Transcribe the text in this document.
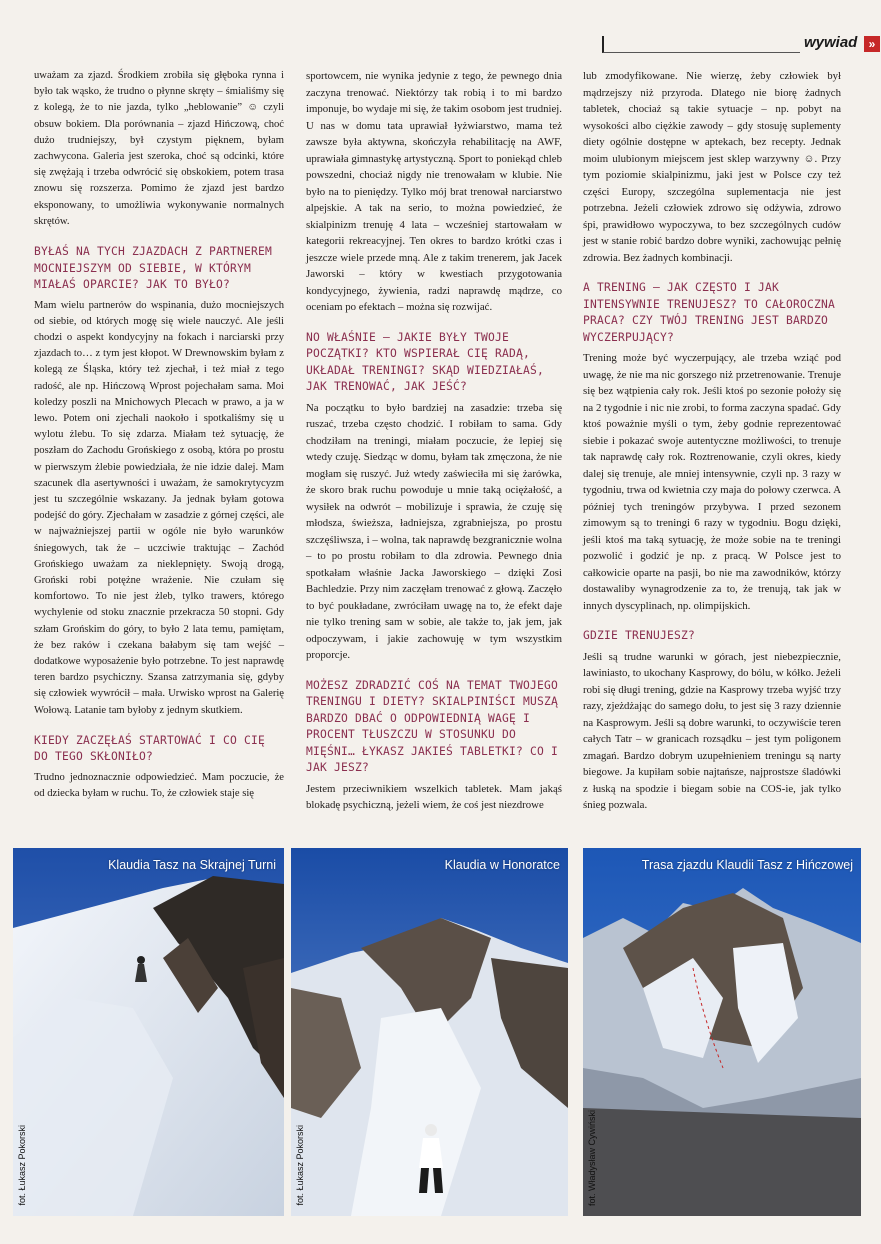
wywiad »

uważam za zjazd. Środkiem zrobiła się głęboka rynna i było tak wąsko, że trudno o płynne skręty – śmialiśmy się z kolegą, że to nie jazda, tylko „heblowanie” ☺ czyli obsuw bokiem. Dla porównania – zjazd Hińczową, choć dużo trudniejszy, był czystym pięknem, byłam zachwycona. Galeria jest szeroka, choć są odcinki, które się zwężają i trzeba odwrócić się obskokiem, potem trasa znowu się rozszerza. Pomimo że zjazd jest bardzo eksponowany, to umożliwia wykonywanie normalnych skrętów.

BYŁAŚ NA TYCH ZJAZDACH Z PARTNEREM MOCNIEJSZYM OD SIEBIE, W KTÓRYM MIAŁAŚ OPARCIE? JAK TO BYŁO?

Mam wielu partnerów do wspinania, dużo mocniejszych od siebie, od których mogę się wiele nauczyć. Ale jeśli chodzi o aspekt kondycyjny na fokach i narciarski przy zjazdach to… z tym jest kłopot. W Drewnowskim byłam z kolegą ze Śląska, który też zjechał, i też miał z tego radość, ale np. Hińczową Wprost pojechałam sama. Moi koledzy poszli na Mnichowych Plecach w prawo, a ja w lewo. Potem oni zjechali naokoło i spotkaliśmy się u wylotu żlebu. To się zdarza. Miałam też sytuację, że poszłam do Zachodu Grońskiego z osobą, która po prostu w pierwszym żlebie powiedziała, że nie idzie dalej. Mam szacunek dla asertywności i uważam, że samokrytycyzm jest tu szczególnie wskazany. Ja jednak byłam gotowa podejść do góry. Zjechałam w zasadzie z górnej części, ale w najważniejszej partii w ogóle nie było warunków śniegowych, tak że – uczciwie traktując – Zachód Grońskiego uważam za nieklepnięty. Swoją drogą, Groński robi potężne wrażenie. Nie czułam się komfortowo. To nie jest żleb, tylko trawers, którego wychylenie od stoku znacznie przekracza 50 stopni. Gdy szłam Grońskim do góry, to było 2 lata temu, pamiętam, że bez raków i czekana bałabym się tam wejść – dodatkowe wyposażenie było potrzebne. To jest naprawdę teren bardzo psychiczny. Szansa zatrzymania się, gdyby się człowiek wywrócił – mała. Urwisko wprost na Galerię Wołową. Latanie tam byłoby z jednym skutkiem.

KIEDY ZACZĘŁAŚ STARTOWAĆ I CO CIĘ DO TEGO SKŁONIŁO?

Trudno jednoznacznie odpowiedzieć. Mam poczucie, że od dziecka byłam w ruchu. To, że człowiek staje się

sportowcem, nie wynika jedynie z tego, że pewnego dnia zaczyna trenować. Niektórzy tak robią i to mi bardzo imponuje, bo wydaje mi się, że takim osobom jest trudniej. U nas w domu tata uprawiał łyżwiarstwo, mama też zawsze była aktywna, skończyła rehabilitację na AWF, uprawiała gimnastykę artystyczną. Sport to poniekąd chleb powszedni, chociaż nigdy nie trenowałam w klubie. Nie było na to pieniędzy. Tylko mój brat trenował narciarstwo alpejskie. A tak na serio, to można powiedzieć, że skialpinizm trenuję 4 lata – wcześniej startowałam w kategorii rekreacyjnej. Ten okres to bardzo krótki czas i jeszcze wiele przede mną. Ale z takim trenerem, jak Jacek Jaworski – który w kwestiach przygotowania kondycyjnego, żywienia, radzi naprawdę mądrze, co oceniam po efektach – można się rozwijać.

NO WŁAŚNIE – JAKIE BYŁY TWOJE POCZĄTKI? KTO WSPIERAŁ CIĘ RADĄ, UKŁADAŁ TRENINGI? SKĄD WIEDZIAŁAŚ, JAK TRENOWAĆ, JAK JEŚĆ?

Na początku to było bardziej na zasadzie: trzeba się ruszać, trzeba często chodzić. I robiłam to sama. Gdy chodziłam na treningi, miałam poczucie, że lepiej się wtedy czuję. Siedząc w domu, byłam tak zmęczona, że nie mogłam się ruszyć. Już wtedy zaświeciła mi się żarówka, że skoro brak ruchu powoduje u mnie taką ociężałość, a wysiłek na odwrót – mobilizuje i sprawia, że czuję się młodsza, świeższa, ładniejsza, zgrabniejsza, po prostu szczęśliwsza, i – wolna, tak naprawdę bezgranicznie wolna – to po prostu robiłam to dla zdrowia. Pewnego dnia spotkałam właśnie Jacka Jaworskiego – dzięki Zosi Bachledzie. Przy nim zaczęłam trenować z głową. Zaczęło to być poukładane, zwróciłam uwagę na to, że efekt daje nie tylko trening sam w sobie, ale także to, jak jem, jak odpoczywam, i jakie zachowuję w tym wszystkim proporcje.

MOŻESZ ZDRADZIĆ COŚ NA TEMAT TWOJEGO TRENINGU I DIETY? SKIALPINIŚCI MUSZĄ BARDZO DBAĆ O ODPOWIEDNIĄ WAGĘ I PROCENT TŁUSZCZU W STOSUNKU DO MIĘŚNI… ŁYKASZ JAKIEŚ TABLETKI? CO I JAK JESZ?

Jestem przeciwnikiem wszelkich tabletek. Mam jakąś blokadę psychiczną, jeżeli wiem, że coś jest niezdrowe

lub zmodyfikowane. Nie wierzę, żeby człowiek był mądrzejszy niż przyroda. Dlatego nie biorę żadnych tabletek, chociaż są takie sytuacje – np. pobyt na wysokości albo ciężkie zawody – gdy stosuję suplementy diety ogólnie dostępne w aptekach, bez recepty. Jednak moim ulubionym miejscem jest sklep warzywny ☺. Przy tym poziomie skialpinizmu, jaki jest w Polsce czy też części Europy, szczególna suplementacja nie jest potrzebna. Jeżeli człowiek zdrowo się odżywia, zdrowo śpi, prawidłowo wypoczywa, to bez szczególnych cudów jest w stanie robić bardzo dobre wyniki, zachowując pełnię zdrowia. Bez żadnych kombinacji.

A TRENING – JAK CZĘSTO I JAK INTENSYWNIE TRENUJESZ? TO CAŁOROCZNA PRACA? CZY TWÓJ TRENING JEST BARDZO WYCZERPUJĄCY?

Trening może być wyczerpujący, ale trzeba wziąć pod uwagę, że nie ma nic gorszego niż przetrenowanie. Trenuje się bez wątpienia cały rok. Jeśli ktoś po sezonie położy się na 2 tygodnie i nic nie zrobi, to forma zaczyna spadać. Gdy ktoś poważnie myśli o tym, żeby godnie reprezentować siebie i pokazać swoje autentyczne możliwości, to trenuje tak naprawdę cały rok. Roztrenowanie, czyli okres, kiedy dalej się trenuje, ale mniej intensywnie, czyli np. 3 razy w tygodniu, trwa od kwietnia czy maja do połowy czerwca. A później tych treningów przybywa. I przed sezonem zimowym są to treningi 6 razy w tygodniu. Bogu dzięki, jeśli ktoś ma taką sytuację, że może sobie na te treningi pozwolić i godzić je np. z pracą. W Polsce jest to całkowicie oparte na pasji, bo nie ma zawodników, którzy dostawaliby wynagrodzenie za to, że trenują, tak jak w innych dyscyplinach, np. olimpijskich.

GDZIE TRENUJESZ?

Jeśli są trudne warunki w górach, jest niebezpiecznie, lawiniasto, to ukochany Kasprowy, do bólu, w kółko. Jeżeli robi się długi trening, gdzie na Kasprowy trzeba wyjść trzy razy, zjeżdżając do samego dołu, to jest się 3 razy dziennie na Kasprowym. Jeśli są dobre warunki, to oczywiście teren całych Tatr – w granicach rozsądku – jest tym poligonem zmagań. Bardzo dobrym uzupełnieniem treningu są narty biegowe. Ja kupiłam sobie najtańsze, najprostsze śladówki z łuską na spodzie i biegam sobie na COS-ie, jak tylko śnieg pozwala.

Klaudia Tasz na Skrajnej Turni
fot. Łukasz Pokorski
Klaudia w Honoratce
fot. Łukasz Pokorski
Trasa zjazdu Klaudii Tasz z Hińczowej
fot. Władysław Cywiński
